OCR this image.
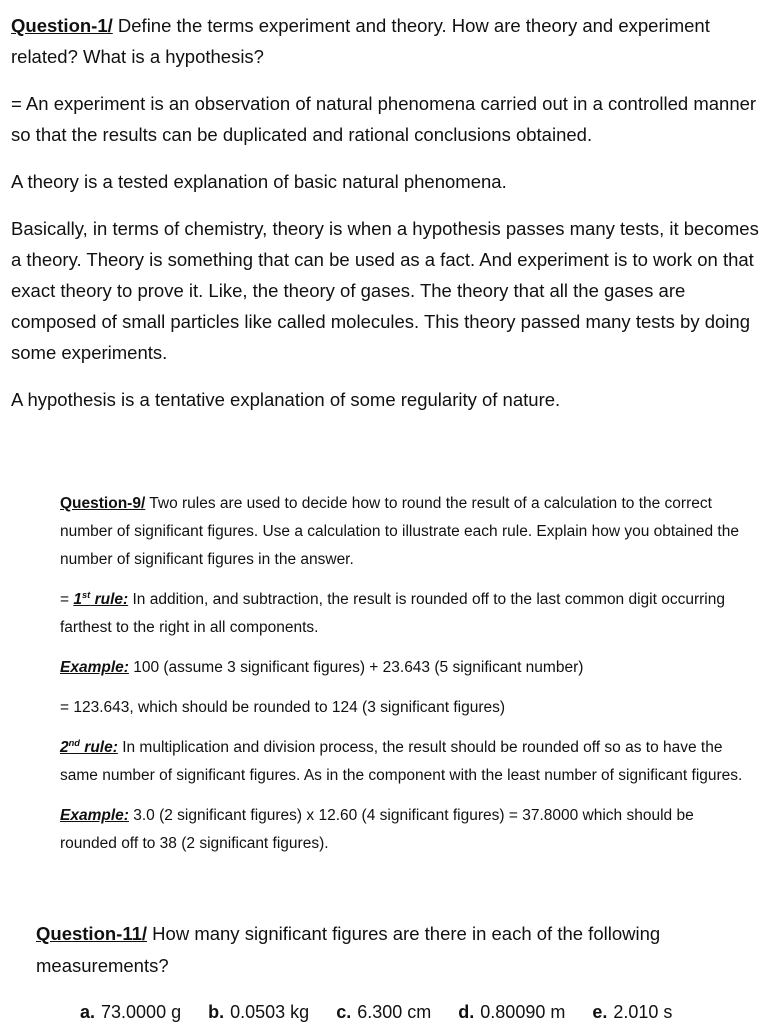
Question-1/ Define the terms experiment and theory. How are theory and experiment related? What is a hypothesis?

= An experiment is an observation of natural phenomena carried out in a controlled manner so that the results can be duplicated and rational conclusions obtained.

A theory is a tested explanation of basic natural phenomena.

Basically, in terms of chemistry, theory is when a hypothesis passes many tests, it becomes a theory. Theory is something that can be used as a fact. And experiment is to work on that exact theory to prove it. Like, the theory of gases. The theory that all the gases are composed of small particles like called molecules. This theory passed many tests by doing some experiments.

A hypothesis is a tentative explanation of some regularity of nature.

Question-9/ Two rules are used to decide how to round the result of a calculation to the correct number of significant figures. Use a calculation to illustrate each rule. Explain how you obtained the number of significant figures in the answer.

= 1st rule: In addition, and subtraction, the result is rounded off to the last common digit occurring farthest to the right in all components.

Example: 100 (assume 3 significant figures) + 23.643 (5 significant number)

= 123.643, which should be rounded to 124 (3 significant figures)

2nd rule: In multiplication and division process, the result should be rounded off so as to have the same number of significant figures. As in the component with the least number of significant figures.

Example: 3.0 (2 significant figures) x 12.60 (4 significant figures) = 37.8000 which should be rounded off to 38 (2 significant figures).

Question-11/ How many significant figures are there in each of the following measurements?

a. 73.0000 g b. 0.0503 kg c. 6.300 cm d. 0.80090 m e. 2.010 s
